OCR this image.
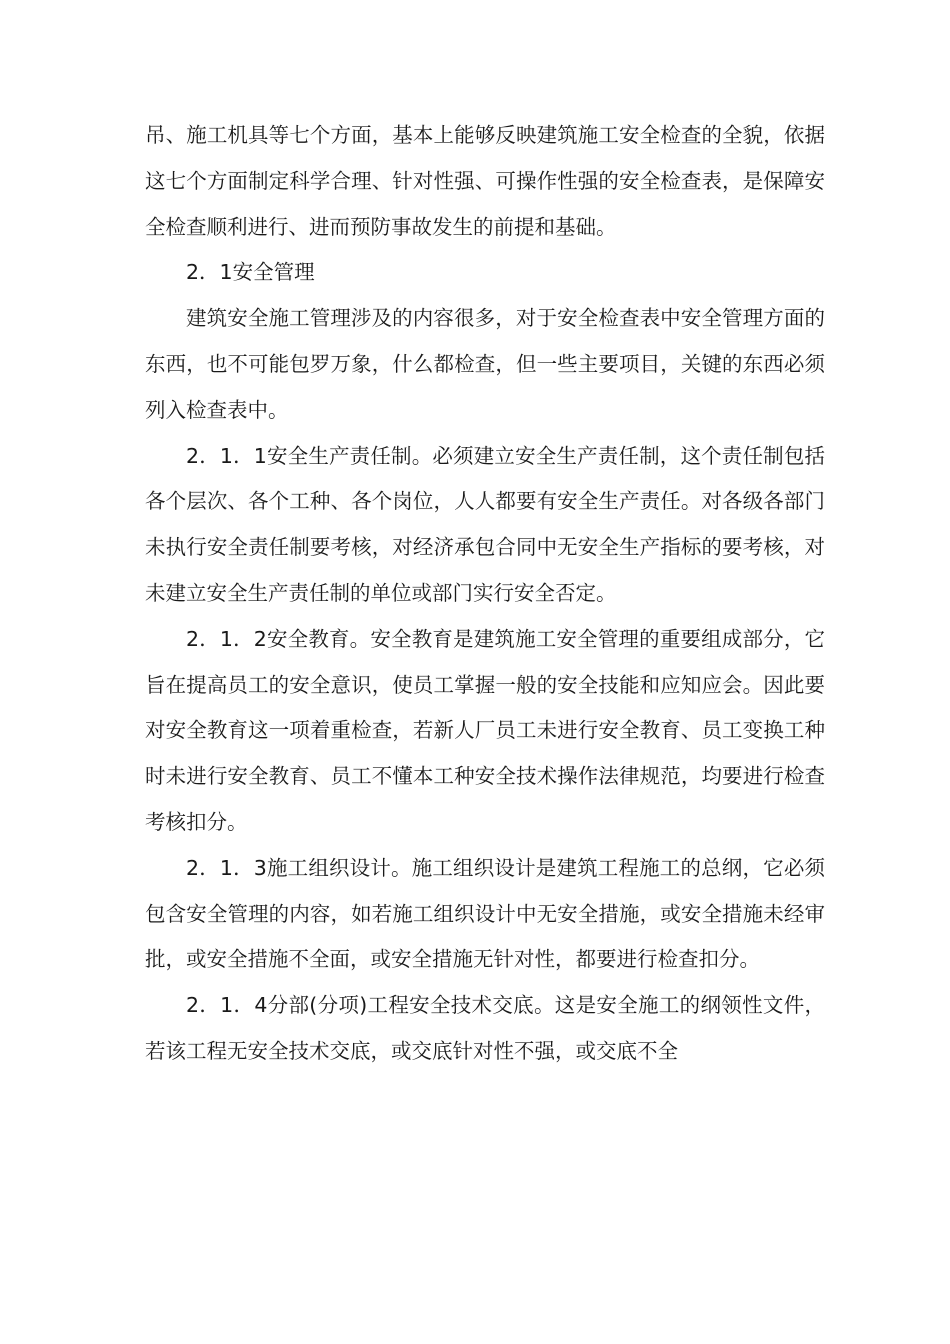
吊、施工机具等七个方面，基本上能够反映建筑施工安全检查的全貌，依据这七个方面制定科学合理、针对性强、可操作性强的安全检查表，是保障安全检查顺利进行、进而预防事故发生的前提和基础。

2．1安全管理

建筑安全施工管理涉及的内容很多，对于安全检查表中安全管理方面的东西，也不可能包罗万象，什么都检查，但一些主要项目，关键的东西必须列入检查表中。

2．1．1安全生产责任制。必须建立安全生产责任制，这个责任制包括各个层次、各个工种、各个岗位，人人都要有安全生产责任。对各级各部门未执行安全责任制要考核，对经济承包合同中无安全生产指标的要考核，对未建立安全生产责任制的单位或部门实行安全否定。

2．1．2安全教育。安全教育是建筑施工安全管理的重要组成部分，它旨在提高员工的安全意识，使员工掌握一般的安全技能和应知应会。因此要对安全教育这一项着重检查，若新人厂员工未进行安全教育、员工变换工种时未进行安全教育、员工不懂本工种安全技术操作法律规范，均要进行检查考核扣分。

2．1．3施工组织设计。施工组织设计是建筑工程施工的总纲，它必须包含安全管理的内容，如若施工组织设计中无安全措施，或安全措施未经审批，或安全措施不全面，或安全措施无针对性，都要进行检查扣分。

2．1．4分部(分项)工程安全技术交底。这是安全施工的纲领性文件，若该工程无安全技术交底，或交底针对性不强，或交底不全
